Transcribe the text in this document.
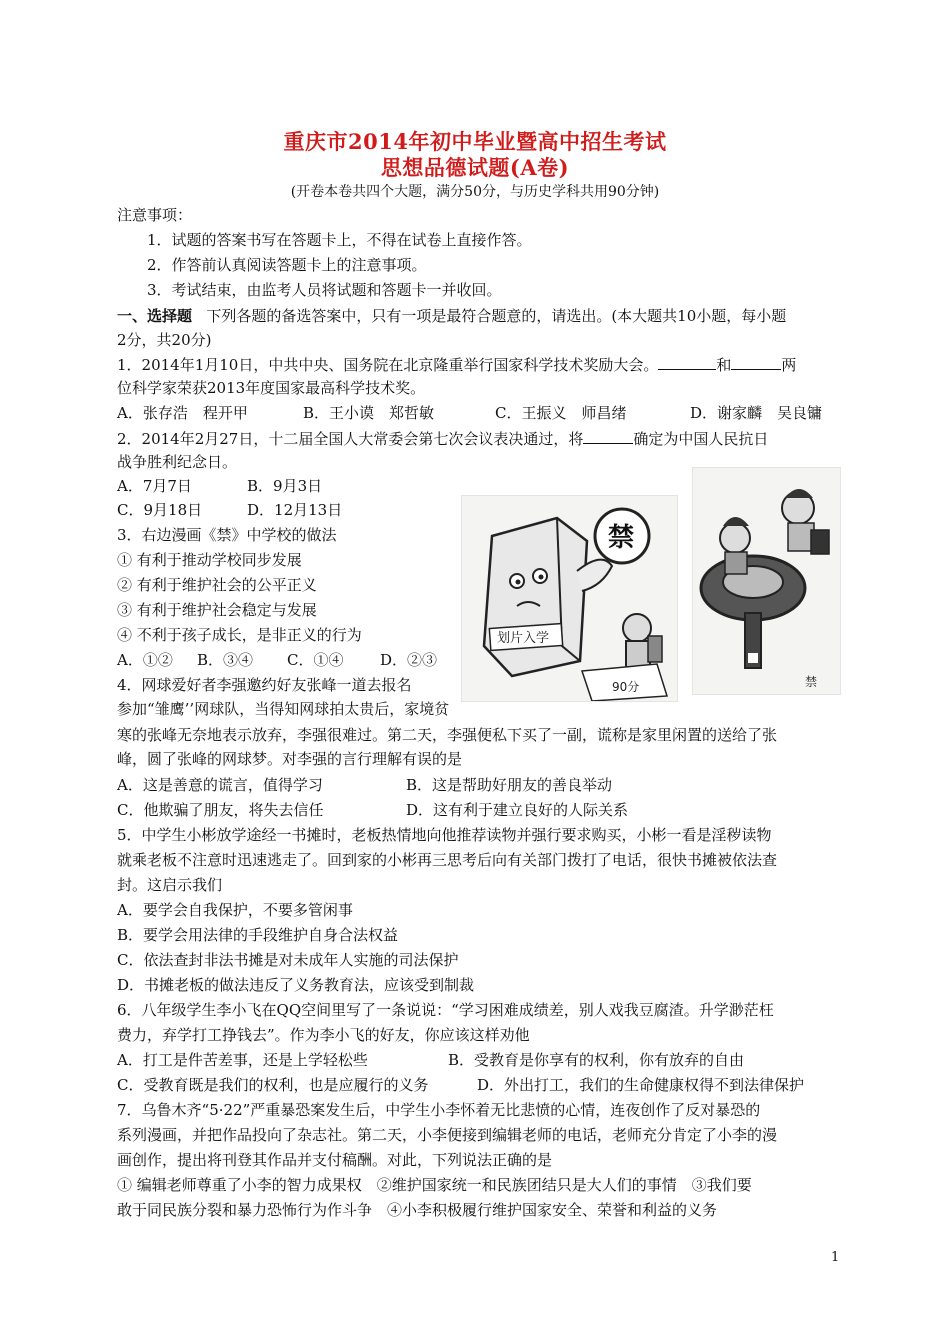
重庆市2014年初中毕业暨高中招生考试
思想品德试题(A卷)
(开卷本卷共四个大题，满分50分，与历史学科共用90分钟)
注意事项：
1．试题的答案书写在答题卡上，不得在试卷上直接作答。
2．作答前认真阅读答题卡上的注意事项。
3．考试结束，由监考人员将试题和答题卡一并收回。
一、选择题 下列各题的备选答案中，只有一项是最符合题意的，请选出。(本大题共10小题，每小题
2分，共20分)
1．2014年1月10日，中共中央、国务院在北京隆重举行国家科学技术奖励大会。	和	两
位科学家荣获2013年度国家最高科学技术奖。
A．张存浩　程开甲	B．王小谟　郑哲敏	C．王振义　师昌绪	D．谢家麟　吴良镛
2．2014年2月27日，十二届全国人大常委会第七次会议表决通过，将	确定为中国人民抗日
战争胜利纪念日。
A．7月7日	B．9月3日
C．9月18日	D．12月13日
3．右边漫画《禁》中学校的做法
① 有利于推动学校同步发展
② 有利于维护社会的公平正义
③ 有利于维护社会稳定与发展
④ 不利于孩子成长，是非正义的行为
A．①② B．③④ C．①④ D．②③
划片入学
禁
90分	禁
4．网球爱好者李强邀约好友张峰一道去报名
参加“雏鹰’’网球队，当得知网球拍太贵后，家境贫
寒的张峰无奈地表示放弃，李强很难过。第二天，李强便私下买了一副，谎称是家里闲置的送给了张
峰，圆了张峰的网球梦。对李强的言行理解有误的是
A．这是善意的谎言，值得学习	B．这是帮助好朋友的善良举动
C．他欺骗了朋友，将失去信任	D．这有利于建立良好的人际关系
5．中学生小彬放学途经一书摊时，老板热情地向他推荐读物并强行要求购买，小彬一看是淫秽读物
就乘老板不注意时迅速逃走了。回到家的小彬再三思考后向有关部门拨打了电话，很快书摊被依法查
封。这启示我们
A．要学会自我保护，不要多管闲事
B．要学会用法律的手段维护自身合法权益
C．依法查封非法书摊是对未成年人实施的司法保护
D．书摊老板的做法违反了义务教育法，应该受到制裁
6．八年级学生李小飞在QQ空间里写了一条说说：“学习困难成绩差，别人戏我豆腐渣。升学渺茫枉
费力，弃学打工挣钱去”。作为李小飞的好友，你应该这样劝他
A．打工是件苦差事，还是上学轻松些	B．受教育是你享有的权利，你有放弃的自由
C．受教育既是我们的权利，也是应履行的义务	D．外出打工，我们的生命健康权得不到法律保护
7．乌鲁木齐“5·22”严重暴恐案发生后，中学生小李怀着无比悲愤的心情，连夜创作了反对暴恐的
系列漫画，并把作品投向了杂志社。第二天，小李便接到编辑老师的电话，老师充分肯定了小李的漫
画创作，提出将刊登其作品并支付稿酬。对此，下列说法正确的是
① 编辑老师尊重了小李的智力成果权　②维护国家统一和民族团结只是大人们的事情　③我们要
敢于同民族分裂和暴力恐怖行为作斗争　④小李积极履行维护国家安全、荣誉和利益的义务
1
